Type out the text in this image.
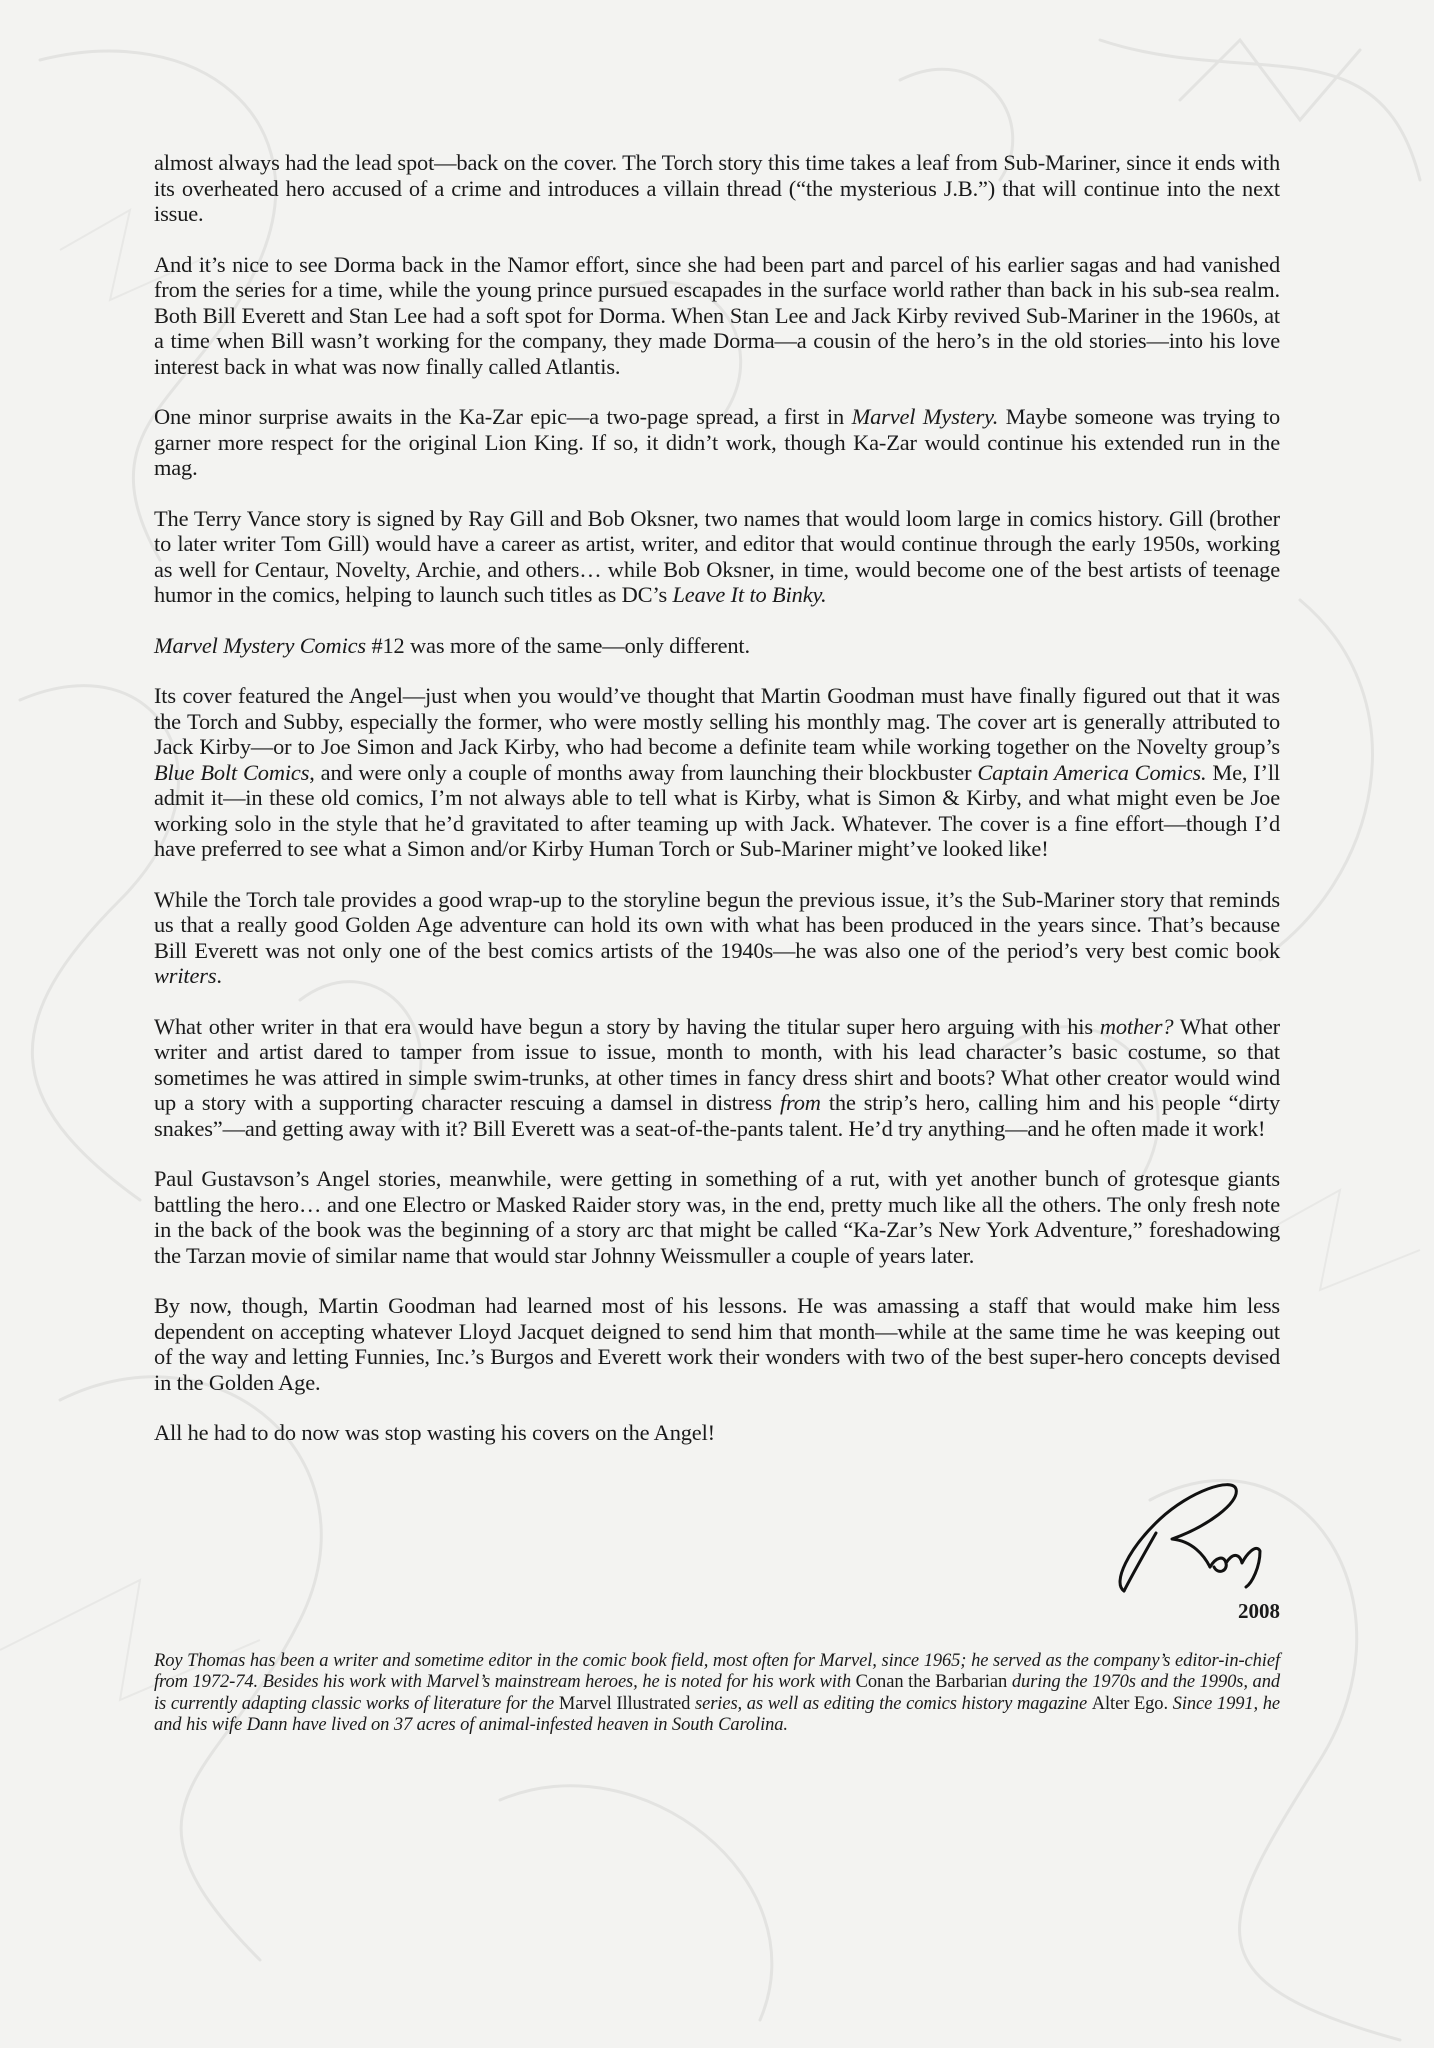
almost always had the lead spot—back on the cover. The Torch story this time takes a leaf from Sub-Mariner, since it ends with its overheated hero accused of a crime and introduces a villain thread (“the mysterious J.B.”) that will continue into the next issue.

And it’s nice to see Dorma back in the Namor effort, since she had been part and parcel of his earlier sagas and had vanished from the series for a time, while the young prince pursued escapades in the surface world rather than back in his sub-sea realm. Both Bill Everett and Stan Lee had a soft spot for Dorma. When Stan Lee and Jack Kirby revived Sub-Mariner in the 1960s, at a time when Bill wasn’t working for the company, they made Dorma—a cousin of the hero’s in the old stories—into his love interest back in what was now finally called Atlantis.

One minor surprise awaits in the Ka-Zar epic—a two-page spread, a first in Marvel Mystery. Maybe someone was trying to garner more respect for the original Lion King. If so, it didn’t work, though Ka-Zar would continue his extended run in the mag.

The Terry Vance story is signed by Ray Gill and Bob Oksner, two names that would loom large in comics history. Gill (brother to later writer Tom Gill) would have a career as artist, writer, and editor that would continue through the early 1950s, working as well for Centaur, Novelty, Archie, and others… while Bob Oksner, in time, would become one of the best artists of teenage humor in the comics, helping to launch such titles as DC’s Leave It to Binky.

Marvel Mystery Comics #12 was more of the same—only different.

Its cover featured the Angel—just when you would’ve thought that Martin Goodman must have finally figured out that it was the Torch and Subby, especially the former, who were mostly selling his monthly mag. The cover art is generally attributed to Jack Kirby—or to Joe Simon and Jack Kirby, who had become a definite team while working together on the Novelty group’s Blue Bolt Comics, and were only a couple of months away from launching their blockbuster Captain America Comics. Me, I’ll admit it—in these old comics, I’m not always able to tell what is Kirby, what is Simon & Kirby, and what might even be Joe working solo in the style that he’d gravitated to after teaming up with Jack. Whatever. The cover is a fine effort—though I’d have preferred to see what a Simon and/or Kirby Human Torch or Sub-Mariner might’ve looked like!

While the Torch tale provides a good wrap-up to the storyline begun the previous issue, it’s the Sub-Mariner story that reminds us that a really good Golden Age adventure can hold its own with what has been produced in the years since. That’s because Bill Everett was not only one of the best comics artists of the 1940s—he was also one of the period’s very best comic book writers.

What other writer in that era would have begun a story by having the titular super hero arguing with his mother? What other writer and artist dared to tamper from issue to issue, month to month, with his lead character’s basic costume, so that sometimes he was attired in simple swim-trunks, at other times in fancy dress shirt and boots? What other creator would wind up a story with a supporting character rescuing a damsel in distress from the strip’s hero, calling him and his people “dirty snakes”—and getting away with it? Bill Everett was a seat-of-the-pants talent. He’d try anything—and he often made it work!

Paul Gustavson’s Angel stories, meanwhile, were getting in something of a rut, with yet another bunch of grotesque giants battling the hero… and one Electro or Masked Raider story was, in the end, pretty much like all the others. The only fresh note in the back of the book was the beginning of a story arc that might be called “Ka-Zar’s New York Adventure,” foreshadowing the Tarzan movie of similar name that would star Johnny Weissmuller a couple of years later.

By now, though, Martin Goodman had learned most of his lessons. He was amassing a staff that would make him less dependent on accepting whatever Lloyd Jacquet deigned to send him that month—while at the same time he was keeping out of the way and letting Funnies, Inc.’s Burgos and Everett work their wonders with two of the best super-hero concepts devised in the Golden Age.

All he had to do now was stop wasting his covers on the Angel!

2008
Roy Thomas has been a writer and sometime editor in the comic book field, most often for Marvel, since 1965; he served as the company’s editor-in-chief from 1972-74. Besides his work with Marvel’s mainstream heroes, he is noted for his work with Conan the Barbarian during the 1970s and the 1990s, and is currently adapting classic works of literature for the Marvel Illustrated series, as well as editing the comics history magazine Alter Ego. Since 1991, he and his wife Dann have lived on 37 acres of animal-infested heaven in South Carolina.
